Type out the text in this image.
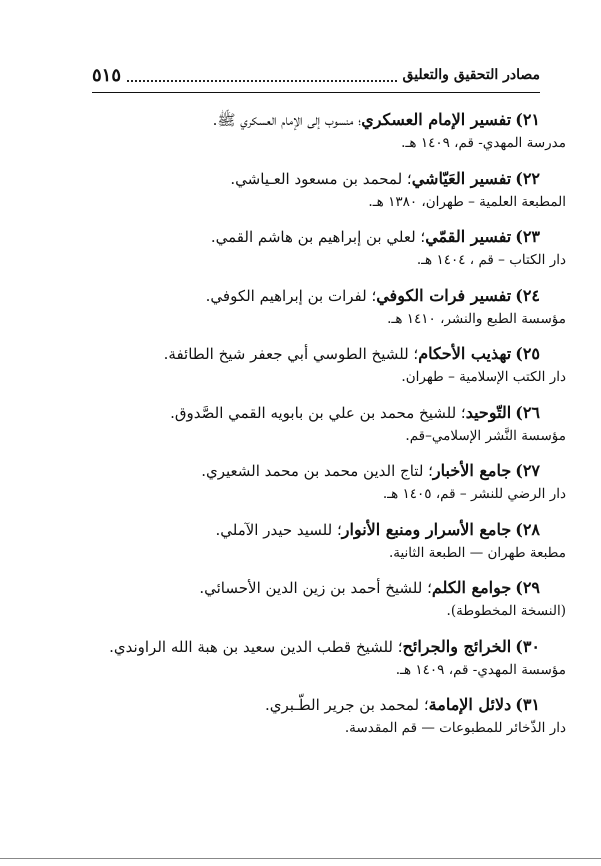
مصادر التحقيق والتعليق
٥١٥
٢١)تفسير الإمام العسكري؛ منسوب إلى الإمام العسكري ﷺ.
مدرسة المهدي- قم، ١٤٠٩ هـ.
٢٢)تفسير العَيّاشي؛ لمحمد بن مسعود العـياشي.
المطبعة العلمية – طهران، ١٣٨٠ هـ.
٢٣)تفسير القمّي؛ لعلي بن إبراهيم بن هاشم القمي.
دار الكتاب – قم ، ١٤٠٤ هـ.
٢٤)تفسير فرات الكوفي؛ لفرات بن إبراهيم الكوفي.
مؤسسة الطبع والنشر، ١٤١٠ هـ.
٢٥)تهذيب الأحكام؛ للشيخ الطوسي أبي جعفر شيخ الطائفة.
دار الكتب الإسلامية – طهران.
٢٦)التّوحيد؛ للشيخ محمد بن علي بن بابويه القمي الصَّدوق.
مؤسسة النَّشر الإسلامي–قم.
٢٧)جامع الأخبار؛ لتاج الدين محمد بن محمد الشعيري.
دار الرضي للنشر – قم، ١٤٠٥ هـ.
٢٨)جامع الأسرار ومنبع الأنوار؛ للسيد حيدر الآملي.
مطبعة طهران — الطبعة الثانية.
٢٩)جوامع الكلم؛ للشيخ أحمد بن زين الدين الأحسائي.
(النسخة المخطوطة).
٣٠)الخرائج والجرائح؛ للشيخ قطب الدين سعيد بن هبة الله الراوندي.
مؤسسة المهدي- قم، ١٤٠٩ هـ.
٣١)دلائل الإمامة؛ لمحمد بن جرير الطّـبري.
دار الذّخائر للمطبوعات — قم المقدسة.
